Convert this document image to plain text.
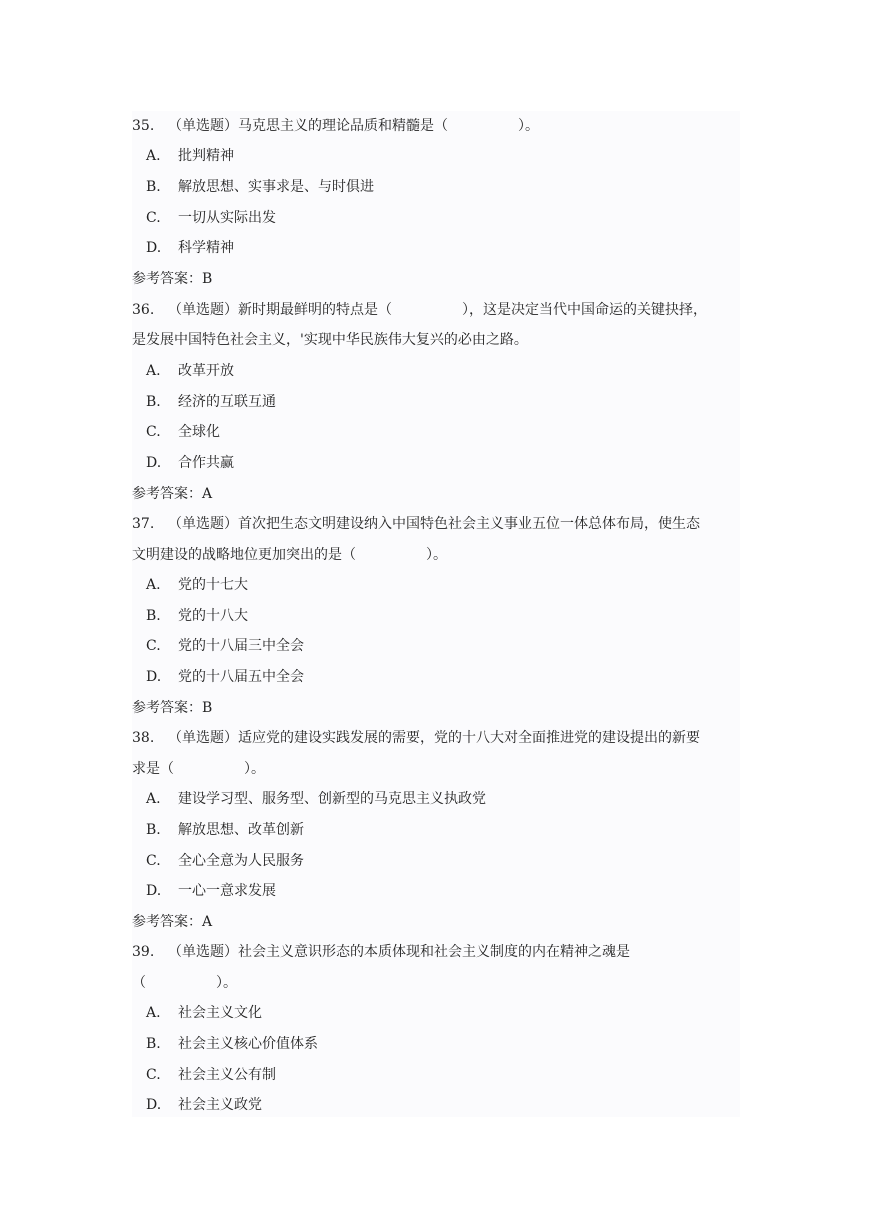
35. （单选题）马克思主义的理论品质和精髓是（　　　　　）。
A. 批判精神
B. 解放思想、实事求是、与时俱进
C. 一切从实际出发
D. 科学精神
参考答案：B
36. （单选题）新时期最鲜明的特点是（　　　　　），这是决定当代中国命运的关键抉择，
是发展中国特色社会主义，'实现中华民族伟大复兴的必由之路。
A. 改革开放
B. 经济的互联互通
C. 全球化
D. 合作共赢
参考答案：A
37. （单选题）首次把生态文明建设纳入中国特色社会主义事业五位一体总体布局，使生态
文明建设的战略地位更加突出的是（　　　　　）。
A. 党的十七大
B. 党的十八大
C. 党的十八届三中全会
D. 党的十八届五中全会
参考答案：B
38. （单选题）适应党的建设实践发展的需要，党的十八大对全面推进党的建设提出的新要
求是（　　　　　）。
A. 建设学习型、服务型、创新型的马克思主义执政党
B. 解放思想、改革创新
C. 全心全意为人民服务
D. 一心一意求发展
参考答案：A
39. （单选题）社会主义意识形态的本质体现和社会主义制度的内在精神之魂是
（　　　　　）。
A. 社会主义文化
B. 社会主义核心价值体系
C. 社会主义公有制
D. 社会主义政党
